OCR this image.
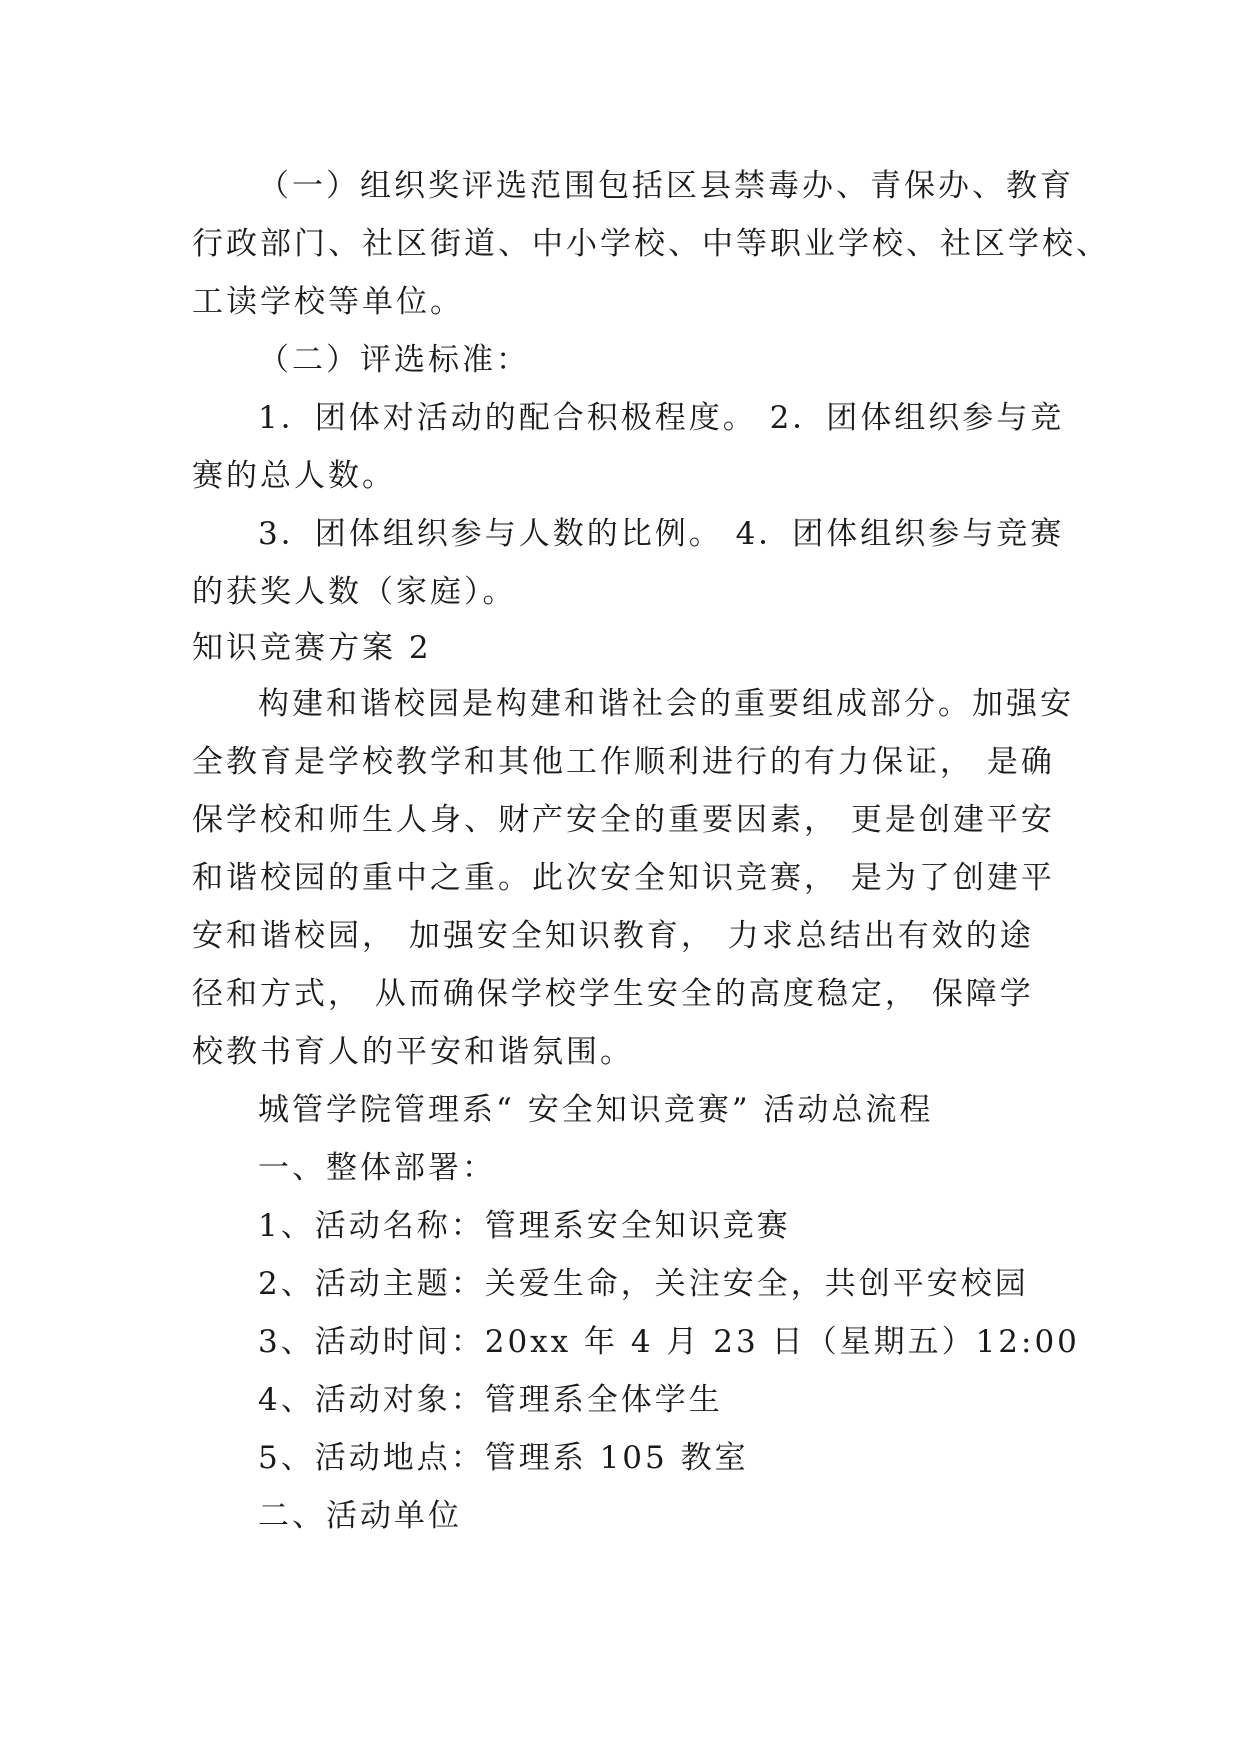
（一）组织奖评选范围包括区县禁毒办、青保办、教育

行政部门、社区街道、中小学校、中等职业学校、社区学校、

工读学校等单位。

（二）评选标准：

1．团体对活动的配合积极程度。 2．团体组织参与竞

赛的总人数。

3．团体组织参与人数的比例。 4．团体组织参与竞赛

的获奖人数（家庭）。

知识竞赛方案 2

构建和谐校园是构建和谐社会的重要组成部分。加强安

全教育是学校教学和其他工作顺利进行的有力保证， 是确

保学校和师生人身、财产安全的重要因素， 更是创建平安

和谐校园的重中之重。此次安全知识竞赛， 是为了创建平

安和谐校园， 加强安全知识教育， 力求总结出有效的途

径和方式， 从而确保学校学生安全的高度稳定， 保障学

校教书育人的平安和谐氛围。

城管学院管理系“ 安全知识竞赛” 活动总流程

一、整体部署：

1、活动名称：管理系安全知识竞赛

2、活动主题：关爱生命，关注安全，共创平安校园

3、活动时间：20xx 年 4 月 23 日（星期五）12:00

4、活动对象：管理系全体学生

5、活动地点：管理系 105 教室

二、活动单位
